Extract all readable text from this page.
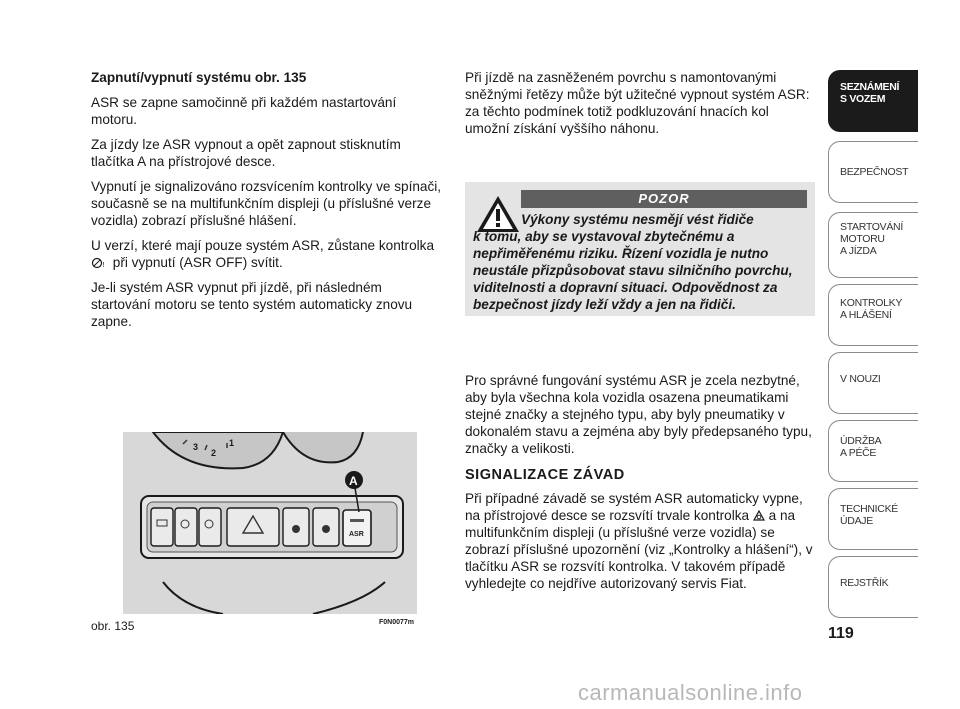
Zapnutí/vypnutí systému obr. 135

ASR se zapne samočinně při každém nastartování motoru.

Za jízdy lze ASR vypnout a opět zapnout stisknutím tlačítka A na přístrojové desce.

Vypnutí je signalizováno rozsvícením kontrolky ve spínači, současně se na multifunkčním displeji (u příslušné verze vozidla) zobrazí příslušné hlášení.

U verzí, které mají pouze systém ASR, zůstane kontrolka
! při vypnutí (ASR OFF) svítit.

Je-li systém ASR vypnut při jízdě, při následném startování motoru se tento systém automaticky znovu zapne.

Při jízdě na zasněženém povrchu s namontovanými sněžnými řetězy může být užitečné vypnout systém ASR: za těchto podmínek totiž podkluzování hnacích kol umožní získání vyššího náhonu.

POZOR
Výkony systému nesmějí vést řidiče
k tomu, aby se vystavoval zbytečnému a nepřiměřenému riziku. Řízení vozidla je nutno neustále přizpůsobovat stavu silničního povrchu, viditelnosti a dopravní situaci. Odpovědnost za bezpečnost jízdy leží vždy a jen na řidiči.

Pro správné fungování systému ASR je zcela nezbytné, aby byla všechna kola vozidla osazena pneumatikami stejné značky a stejného typu, aby byly pneumatiky v dokonalém stavu a zejména aby byly předepsaného typu, značky a velikosti.

SIGNALIZACE ZÁVAD

Při případné závadě se systém ASR automaticky vypne, na přístrojové desce se rozsvítí trvale kontrolka a na multifunkčním displeji (u příslušné verze vozidla) se zobrazí příslušné upozornění (viz „Kontrolky a hlášení“), v tlačítku ASR se rozsvítí kontrolka. V takovém případě vyhledejte co nejdříve autorizovaný servis Fiat.

3
2
1
ASR
A
obr. 135	F0N0077m
SEZNÁMENÍ
S VOZEM
BEZPEČNOST
STARTOVÁNÍ
MOTORU
A JÍZDA
KONTROLKY
A HLÁŠENÍ
V NOUZI
ÚDRŽBA
A PÉČE
TECHNICKÉ
ÚDAJE
REJSTŘÍK
119
carmanualsonline.info
